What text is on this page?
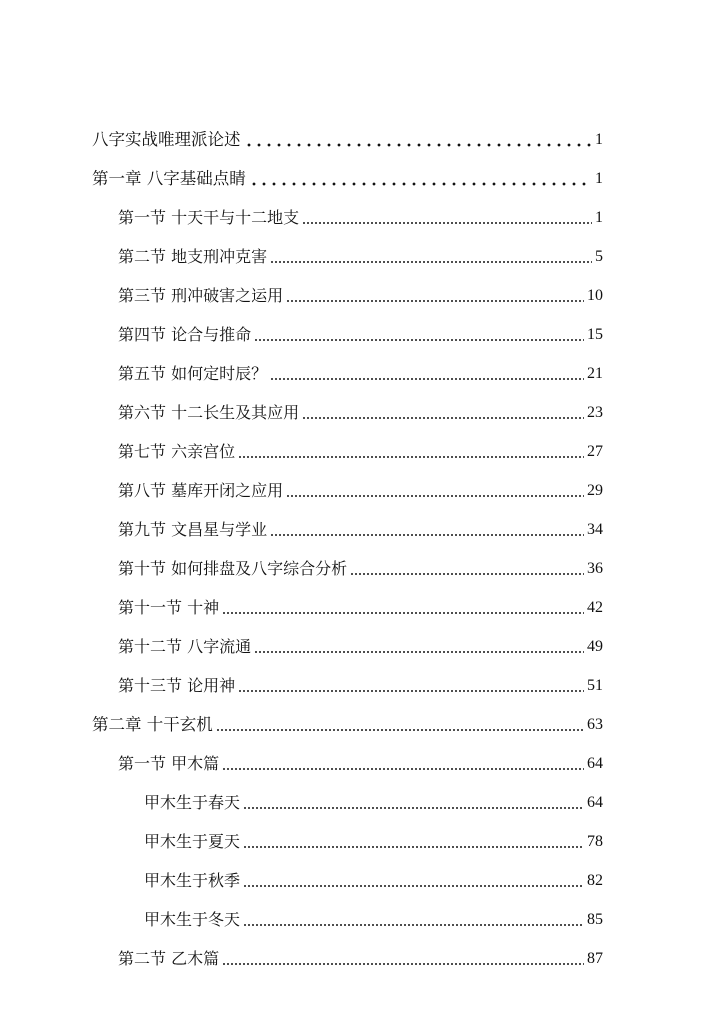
八字实战唯理派论述	1
第一章 八字基础点睛	1
第一节 十天干与十二地支	1
第二节 地支刑冲克害	5
第三节 刑冲破害之运用	10
第四节 论合与推命	15
第五节 如何定时辰？	21
第六节 十二长生及其应用	23
第七节 六亲宫位	27
第八节 墓库开闭之应用	29
第九节 文昌星与学业	34
第十节 如何排盘及八字综合分析	36
第十一节 十神	42
第十二节 八字流通	49
第十三节 论用神	51
第二章 十干玄机	63
第一节 甲木篇	64
甲木生于春天	64
甲木生于夏天	78
甲木生于秋季	82
甲木生于冬天	85
第二节 乙木篇	87
